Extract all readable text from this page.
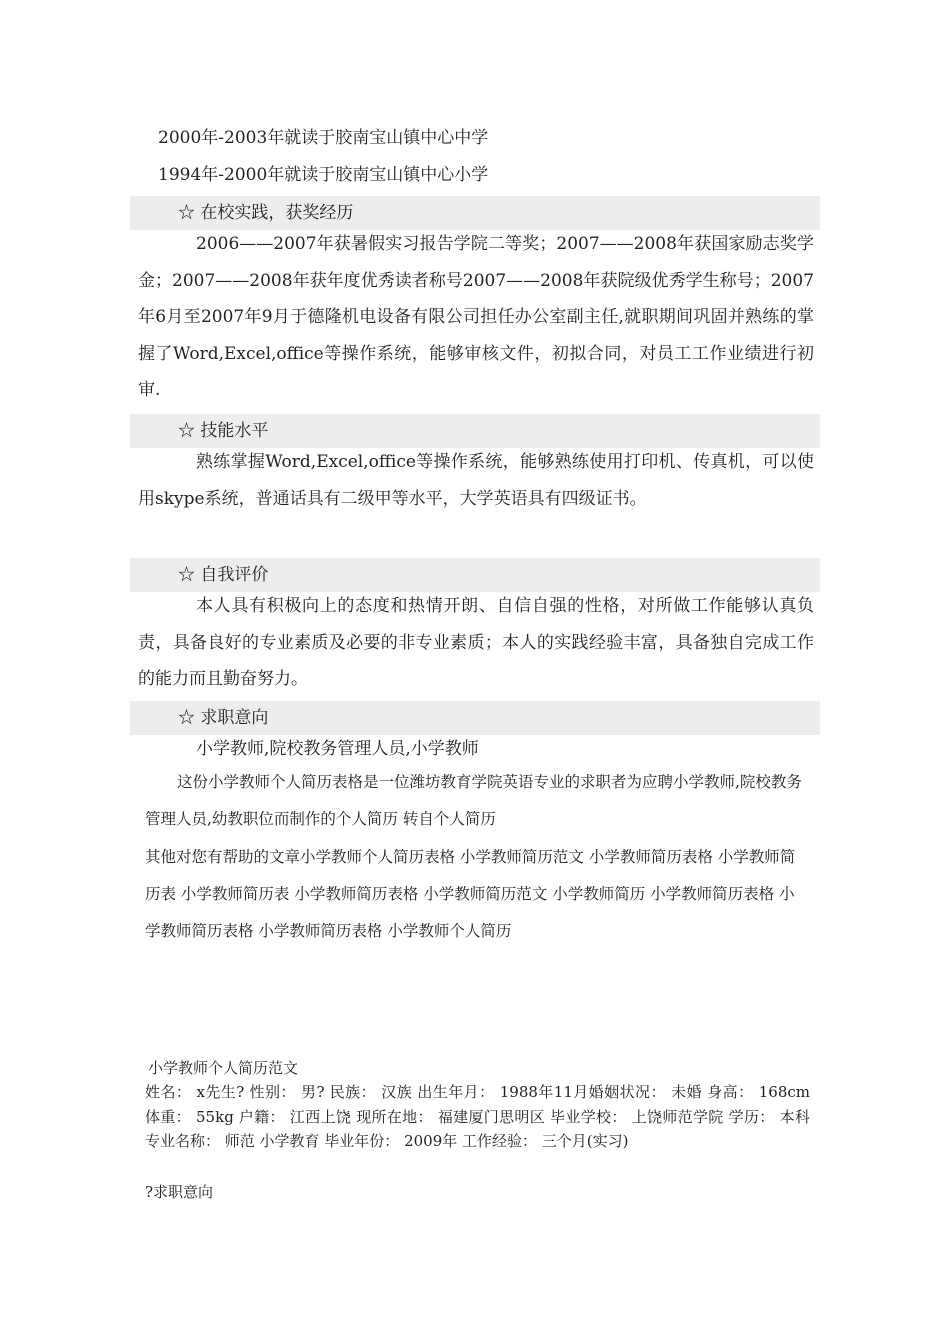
2000年-2003年就读于胶南宝山镇中心中学
1994年-2000年就读于胶南宝山镇中心小学
☆ 在校实践，获奖经历

2006——2007年获暑假实习报告学院二等奖；2007——2008年获国家励志奖学金；2007——2008年获年度优秀读者称号2007——2008年获院级优秀学生称号；2007年6月至2007年9月于德隆机电设备有限公司担任办公室副主任,就职期间巩固并熟练的掌握了Word,Excel,office等操作系统，能够审核文件，初拟合同，对员工工作业绩进行初审.

☆ 技能水平

熟练掌握Word,Excel,office等操作系统，能够熟练使用打印机、传真机，可以使用skype系统，普通话具有二级甲等水平，大学英语具有四级证书。

☆ 自我评价

本人具有积极向上的态度和热情开朗、自信自强的性格，对所做工作能够认真负责，具备良好的专业素质及必要的非专业素质；本人的实践经验丰富，具备独自完成工作的能力而且勤奋努力。

☆ 求职意向

小学教师,院校教务管理人员,小学教师

这份小学教师个人简历表格是一位潍坊教育学院英语专业的求职者为应聘小学教师,院校教务管理人员,幼教职位而制作的个人简历 转自个人简历

其他对您有帮助的文章小学教师个人简历表格 小学教师简历范文 小学教师简历表格 小学教师简历表 小学教师简历表 小学教师简历表格 小学教师简历范文 小学教师简历 小学教师简历表格 小学教师简历表格 小学教师简历表格 小学教师个人简历

小学教师个人简历范文

姓名： x先生? 性别： 男? 民族： 汉族 出生年月： 1988年11月婚姻状况： 未婚 身高： 168cm 体重： 55kg 户籍： 江西上饶 现所在地： 福建厦门思明区 毕业学校： 上饶师范学院 学历： 本科 专业名称： 师范 小学教育 毕业年份： 2009年 工作经验： 三个月(实习)

?求职意向
